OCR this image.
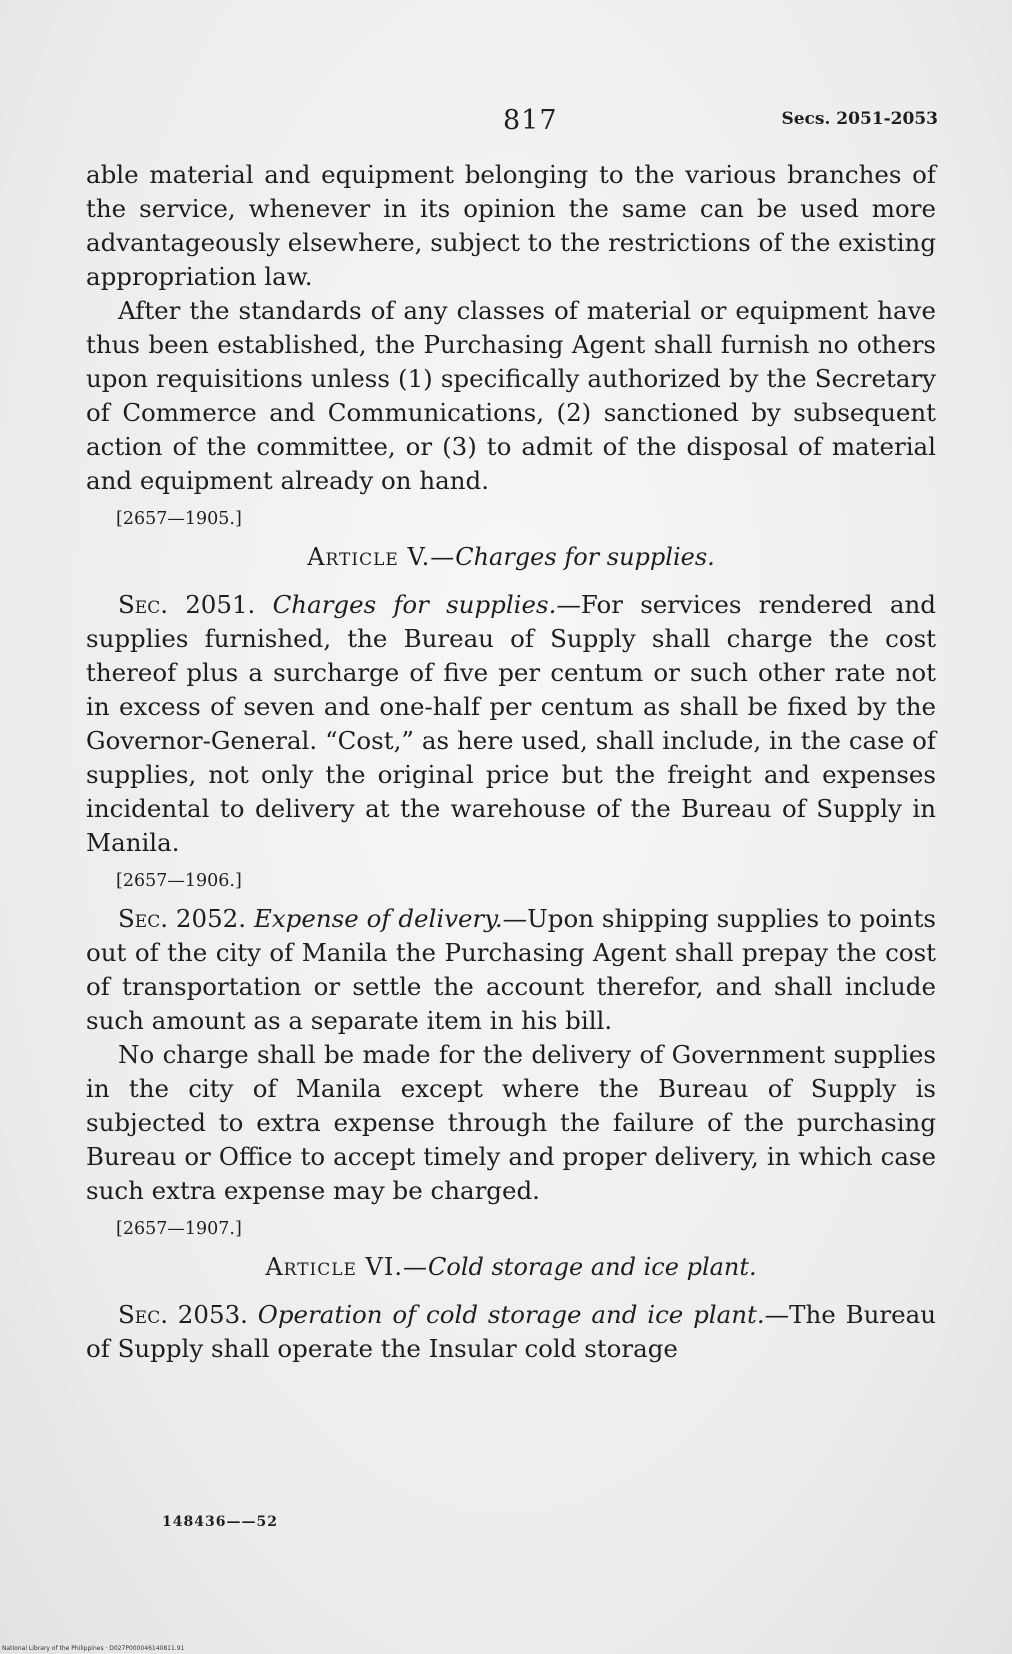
817	Secs. 2051-2053

able material and equipment belonging to the various branches of the service, whenever in its opinion the same can be used more advantageously elsewhere, subject to the restrictions of the existing appropriation law.

After the standards of any classes of material or equipment have thus been established, the Purchasing Agent shall furnish no others upon requisitions unless (1) specifically authorized by the Secretary of Commerce and Communications, (2) sanctioned by subsequent action of the committee, or (3) to admit of the disposal of material and equipment already on hand.

[2657—1905.]
Article V.—Charges for supplies.

Sec. 2051. Charges for supplies.—For services rendered and supplies furnished, the Bureau of Supply shall charge the cost thereof plus a surcharge of five per centum or such other rate not in excess of seven and one-half per centum as shall be fixed by the Governor-General. “Cost,” as here used, shall include, in the case of supplies, not only the original price but the freight and expenses incidental to delivery at the warehouse of the Bureau of Supply in Manila.

[2657—1906.]

Sec. 2052. Expense of delivery.—Upon shipping supplies to points out of the city of Manila the Purchasing Agent shall prepay the cost of transportation or settle the account therefor, and shall include such amount as a separate item in his bill.

No charge shall be made for the delivery of Government supplies in the city of Manila except where the Bureau of Supply is subjected to extra expense through the failure of the purchasing Bureau or Office to accept timely and proper delivery, in which case such extra expense may be charged.

[2657—1907.]
Article VI.—Cold storage and ice plant.

Sec. 2053. Operation of cold storage and ice plant.—The Bureau of Supply shall operate the Insular cold storage

148436——52
National Library of the Philippines · D027P000046140811.91
